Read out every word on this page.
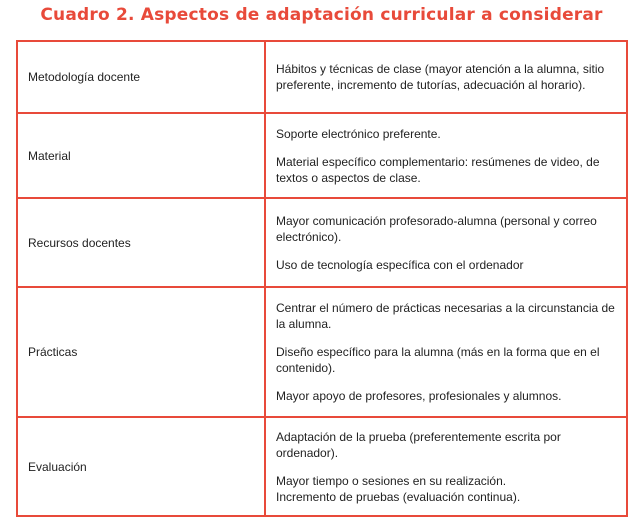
Cuadro 2. Aspectos de adaptación curricular a considerar
Metodología docente	Hábitos y técnicas de clase (mayor atención a la alumna, sitio preferente, incremento de tutorías, adecuación al horario).

Material	Soporte electrónico preferente.

Material específico complementario: resúmenes de video, de textos o aspectos de clase.

Recursos docentes	Mayor comunicación profesorado-alumna (personal y correo electrónico).

Uso de tecnología específica con el ordenador

Prácticas	Centrar el número de prácticas necesarias a la circunstancia de la alumna.

Diseño específico para la alumna (más en la forma que en el contenido).

Mayor apoyo de profesores, profesionales y alumnos.

Evaluación	Adaptación de la prueba (preferentemente escrita por ordenador).

Mayor tiempo o sesiones en su realización.

Incremento de pruebas (evaluación continua).
